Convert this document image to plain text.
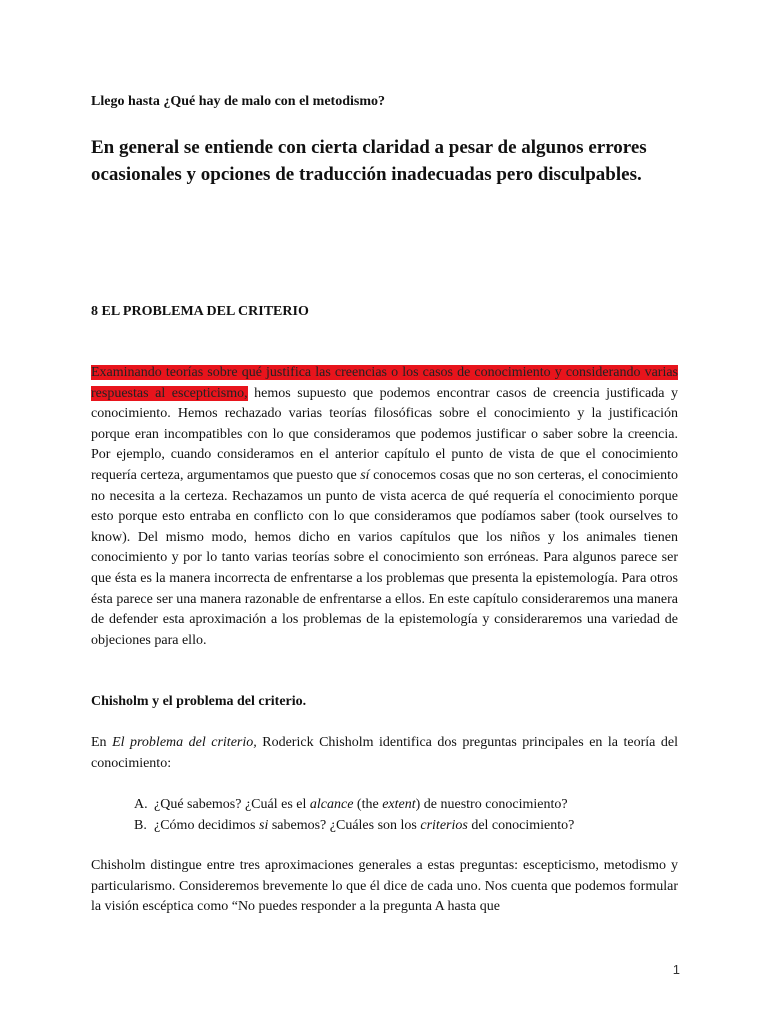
Llego hasta ¿Qué hay de malo con el metodismo?

En general se entiende con cierta claridad a pesar de algunos errores ocasionales y opciones de traducción inadecuadas pero disculpables.

8 EL PROBLEMA DEL CRITERIO

Examinando teorías sobre qué justifica las creencias o los casos de conocimiento y considerando varias respuestas al escepticismo, hemos supuesto que podemos encontrar casos de creencia justificada y conocimiento. Hemos rechazado varias teorías filosóficas sobre el conocimiento y la justificación porque eran incompatibles con lo que consideramos que podemos justificar o saber sobre la creencia. Por ejemplo, cuando consideramos en el anterior capítulo el punto de vista de que el conocimiento requería certeza, argumentamos que puesto que sí conocemos cosas que no son certeras, el conocimiento no necesita a la certeza. Rechazamos un punto de vista acerca de qué requería el conocimiento porque esto porque esto entraba en conflicto con lo que consideramos que podíamos saber (took ourselves to know). Del mismo modo, hemos dicho en varios capítulos que los niños y los animales tienen conocimiento y por lo tanto varias teorías sobre el conocimiento son erróneas. Para algunos parece ser que ésta es la manera incorrecta de enfrentarse a los problemas que presenta la epistemología. Para otros ésta parece ser una manera razonable de enfrentarse a ellos. En este capítulo consideraremos una manera de defender esta aproximación a los problemas de la epistemología y consideraremos una variedad de objeciones para ello.

Chisholm y el problema del criterio.

En El problema del criterio, Roderick Chisholm identifica dos preguntas principales en la teoría del conocimiento:

A. ¿Qué sabemos? ¿Cuál es el alcance (the extent) de nuestro conocimiento?
B. ¿Cómo decidimos si sabemos? ¿Cuáles son los criterios del conocimiento?

Chisholm distingue entre tres aproximaciones generales a estas preguntas: escepticismo, metodismo y particularismo. Consideremos brevemente lo que él dice de cada uno. Nos cuenta que podemos formular la visión escéptica como “No puedes responder a la pregunta A hasta que

1
